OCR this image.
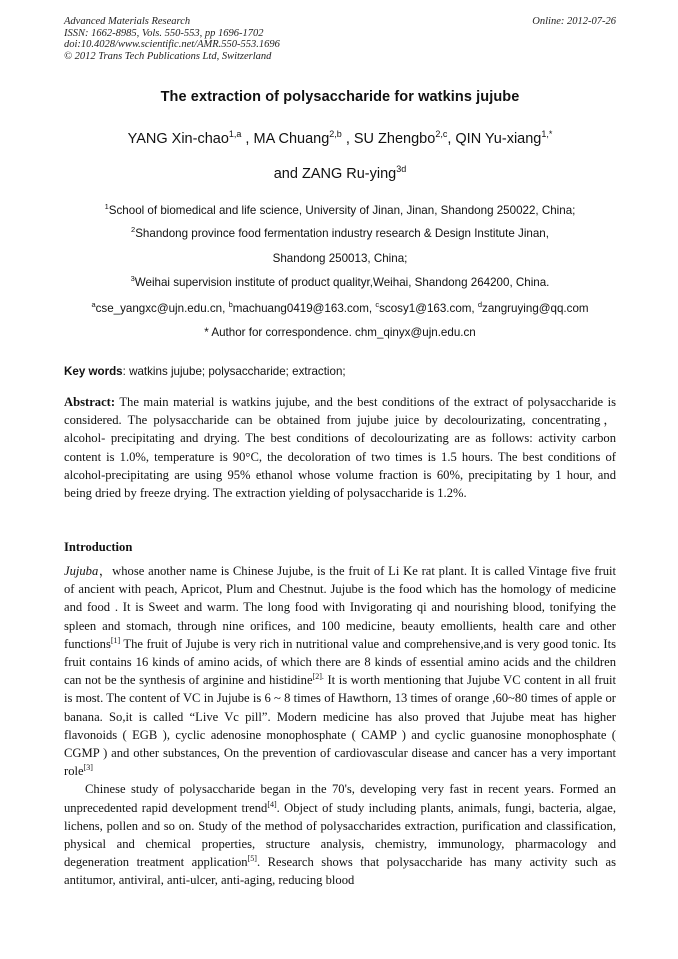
Advanced Materials Research
ISSN: 1662-8985, Vols. 550-553, pp 1696-1702
doi:10.4028/www.scientific.net/AMR.550-553.1696
© 2012 Trans Tech Publications Ltd, Switzerland
Online: 2012-07-26
The extraction of polysaccharide for watkins jujube
YANG Xin-chao$^{1,a}$ , MA Chuang$^{2,b}$ , SU Zhengbo$^{2,c}$, QIN Yu-xiang$^{1,*}$
and ZANG Ru-ying$^{3d}$
$^1$School of biomedical and life science, University of Jinan, Jinan, Shandong 250022, China;
$^2$Shandong province food fermentation industry research & Design Institute Jinan,
Shandong 250013, China;
$^3$Weihai supervision institute of product qualityr,Weihai, Shandong 264200, China.
$^a$cse_yangxc@ujn.edu.cn, $^b$machuang0419@163.com, $^c$scosy1@163.com, $^d$zangruying@qq.com
* Author for correspondence. chm_qinyx@ujn.edu.cn
Key words: watkins jujube; polysaccharide; extraction;
Abstract: The main material is watkins jujube, and the best conditions of the extract of polysaccharide is considered. The polysaccharide can be obtained from jujube juice by decolourizating, concentrating，alcohol- precipitating and drying. The best conditions of decolourizating are as follows: activity carbon content is 1.0%, temperature is 90°C, the decoloration of two times is 1.5 hours. The best conditions of alcohol-precipitating are using 95% ethanol whose volume fraction is 60%, precipitating by 1 hour, and being dried by freeze drying. The extraction yielding of polysaccharide is 1.2%.
Introduction

Jujuba，whose another name is Chinese Jujube, is the fruit of Li Ke rat plant. It is called Vintage five fruit of ancient with peach, Apricot, Plum and Chestnut. Jujube is the food which has the homology of medicine and food . It is Sweet and warm. The long food with Invigorating qi and nourishing blood, tonifying the spleen and stomach, through nine orifices, and 100 medicine, beauty emollients, health care and other functions[1] The fruit of Jujube is very rich in nutritional value and comprehensive,and is very good tonic. Its fruit contains 16 kinds of amino acids, of which there are 8 kinds of essential amino acids and the children can not be the synthesis of arginine and histidine$^{[2].}$ It is worth mentioning that Jujube VC content in all fruit is most. The content of VC in Jujube is 6 ~ 8 times of Hawthorn, 13 times of orange ,60~80 times of apple or banana. So,it is called “Live Vc pill”. Modern medicine has also proved that Jujube meat has higher flavonoids ( EGB ), cyclic adenosine monophosphate ( CAMP ) and cyclic guanosine monophosphate ( CGMP ) and other substances, On the prevention of cardiovascular disease and cancer has a very important role[3]

Chinese study of polysaccharide began in the 70's, developing very fast in recent years. Formed an unprecedented rapid development trend[4]. Object of study including plants, animals, fungi, bacteria, algae, lichens, pollen and so on. Study of the method of polysaccharides extraction, purification and classification, physical and chemical properties, structure analysis, chemistry, immunology, pharmacology and degeneration treatment application[5]. Research shows that polysaccharide has many activity such as antitumor, antiviral, anti-ulcer, anti-aging, reducing blood
